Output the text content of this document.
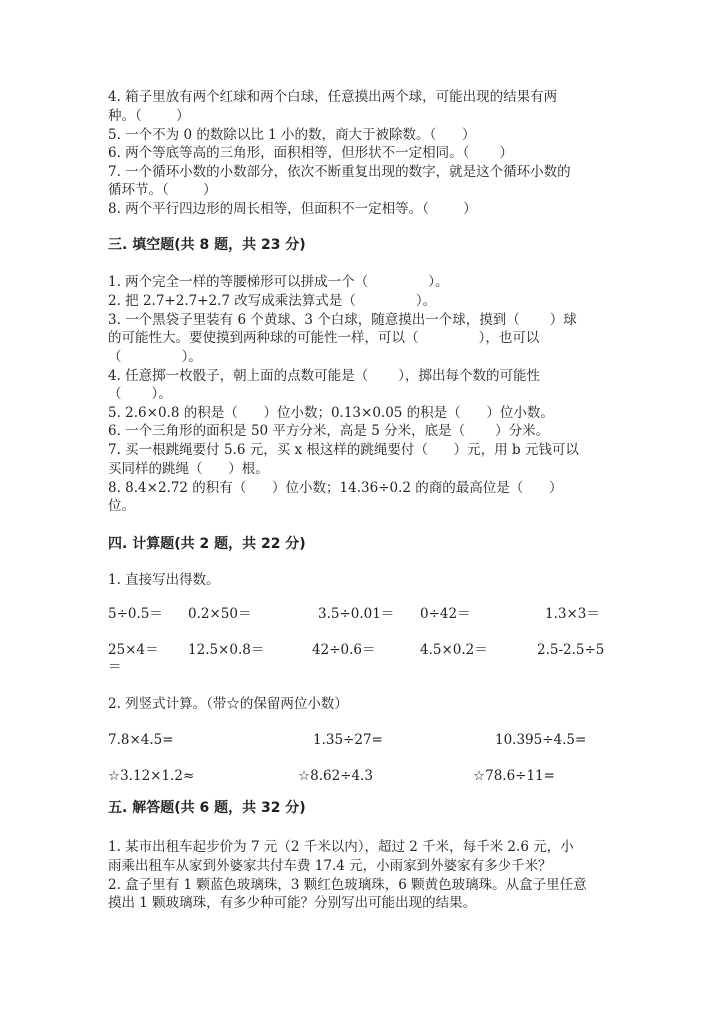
4. 箱子里放有两个红球和两个白球，任意摸出两个球，可能出现的结果有两
种。（        ）
5. 一个不为 0 的数除以比 1 小的数，商大于被除数。（      ）
6. 两个等底等高的三角形，面积相等，但形状不一定相同。（       ）
7. 一个循环小数的小数部分，依次不断重复出现的数字，就是这个循环小数的
循环节。（        ）
8. 两个平行四边形的周长相等，但面积不一定相等。（        ）
三. 填空题(共 8 题，共 23 分)
1. 两个完全一样的等腰梯形可以拼成一个（              ）。
2. 把 2.7+2.7+2.7 改写成乘法算式是（              ）。
3. 一个黑袋子里装有 6 个黄球、3 个白球，随意摸出一个球，摸到（       ）球
的可能性大。要使摸到两种球的可能性一样，可以（              ），也可以
（              ）。
4. 任意掷一枚骰子，朝上面的点数可能是（       ），掷出每个数的可能性
（       ）。
5. 2.6×0.8 的积是（      ）位小数；0.13×0.05 的积是（      ）位小数。
6. 一个三角形的面积是 50 平方分米，高是 5 分米，底是（       ）分米。
7. 买一根跳绳要付 5.6 元，买 x 根这样的跳绳要付（      ）元，用 b 元钱可以
买同样的跳绳（      ）根。
8. 8.4×2.72 的积有（      ）位小数；14.36÷0.2 的商的最高位是（      ）
位。
四. 计算题(共 2 题，共 22 分)
1. 直接写出得数。
5÷0.5＝ 0.2×50＝	3.5÷0.01＝ 0÷42＝	1.3×3＝
25×4＝ 12.5×0.8＝	42÷0.6＝	4.5×0.2＝	2.5-2.5÷5
＝
2. 列竖式计算。（带☆的保留两位小数）
7.8×4.5=	1.35÷27=	10.395÷4.5=
☆3.12×1.2≈	☆8.62÷4.3	☆78.6÷11=
五. 解答题(共 6 题，共 32 分)
1. 某市出租车起步价为 7 元（2 千米以内），超过 2 千米，每千米 2.6 元，小
雨乘出租车从家到外婆家共付车费 17.4 元，小雨家到外婆家有多少千米？
2. 盒子里有 1 颗蓝色玻璃珠，3 颗红色玻璃珠，6 颗黄色玻璃珠。从盒子里任意
摸出 1 颗玻璃珠，有多少种可能？分别写出可能出现的结果。
